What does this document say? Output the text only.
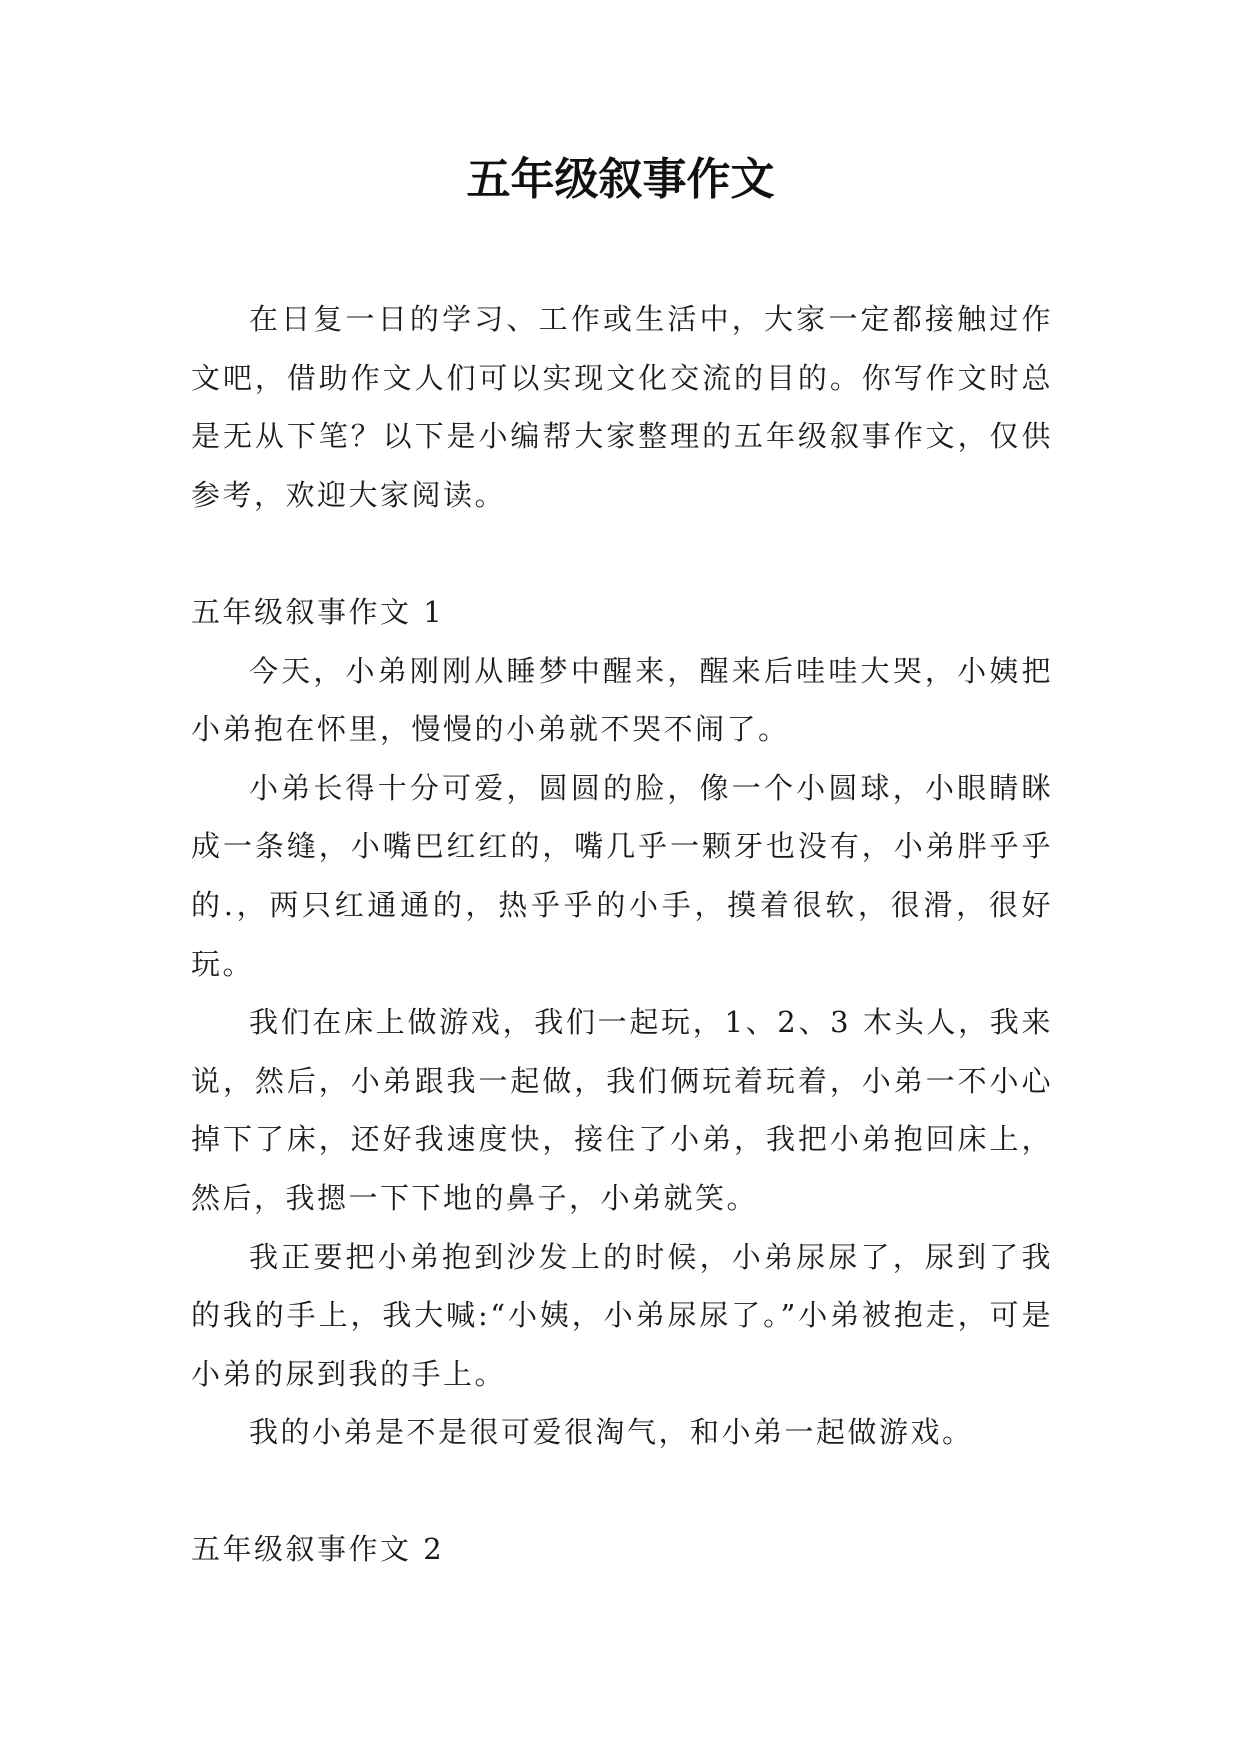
五年级叙事作文

在日复一日的学习、工作或生活中，大家一定都接触过作文吧，借助作文人们可以实现文化交流的目的。你写作文时总是无从下笔？以下是小编帮大家整理的五年级叙事作文，仅供参考，欢迎大家阅读。

五年级叙事作文 1

今天，小弟刚刚从睡梦中醒来，醒来后哇哇大哭，小姨把小弟抱在怀里，慢慢的小弟就不哭不闹了。

小弟长得十分可爱，圆圆的脸，像一个小圆球，小眼睛眯成一条缝，小嘴巴红红的，嘴几乎一颗牙也没有，小弟胖乎乎的.，两只红通通的，热乎乎的小手，摸着很软，很滑，很好玩。

我们在床上做游戏，我们一起玩，1、2、3 木头人，我来说，然后，小弟跟我一起做，我们俩玩着玩着，小弟一不小心掉下了床，还好我速度快，接住了小弟，我把小弟抱回床上，然后，我摁一下下地的鼻子，小弟就笑。

我正要把小弟抱到沙发上的时候，小弟尿尿了，尿到了我的我的手上，我大喊:“小姨，小弟尿尿了。”小弟被抱走，可是小弟的尿到我的手上。

我的小弟是不是很可爱很淘气，和小弟一起做游戏。

五年级叙事作文 2
